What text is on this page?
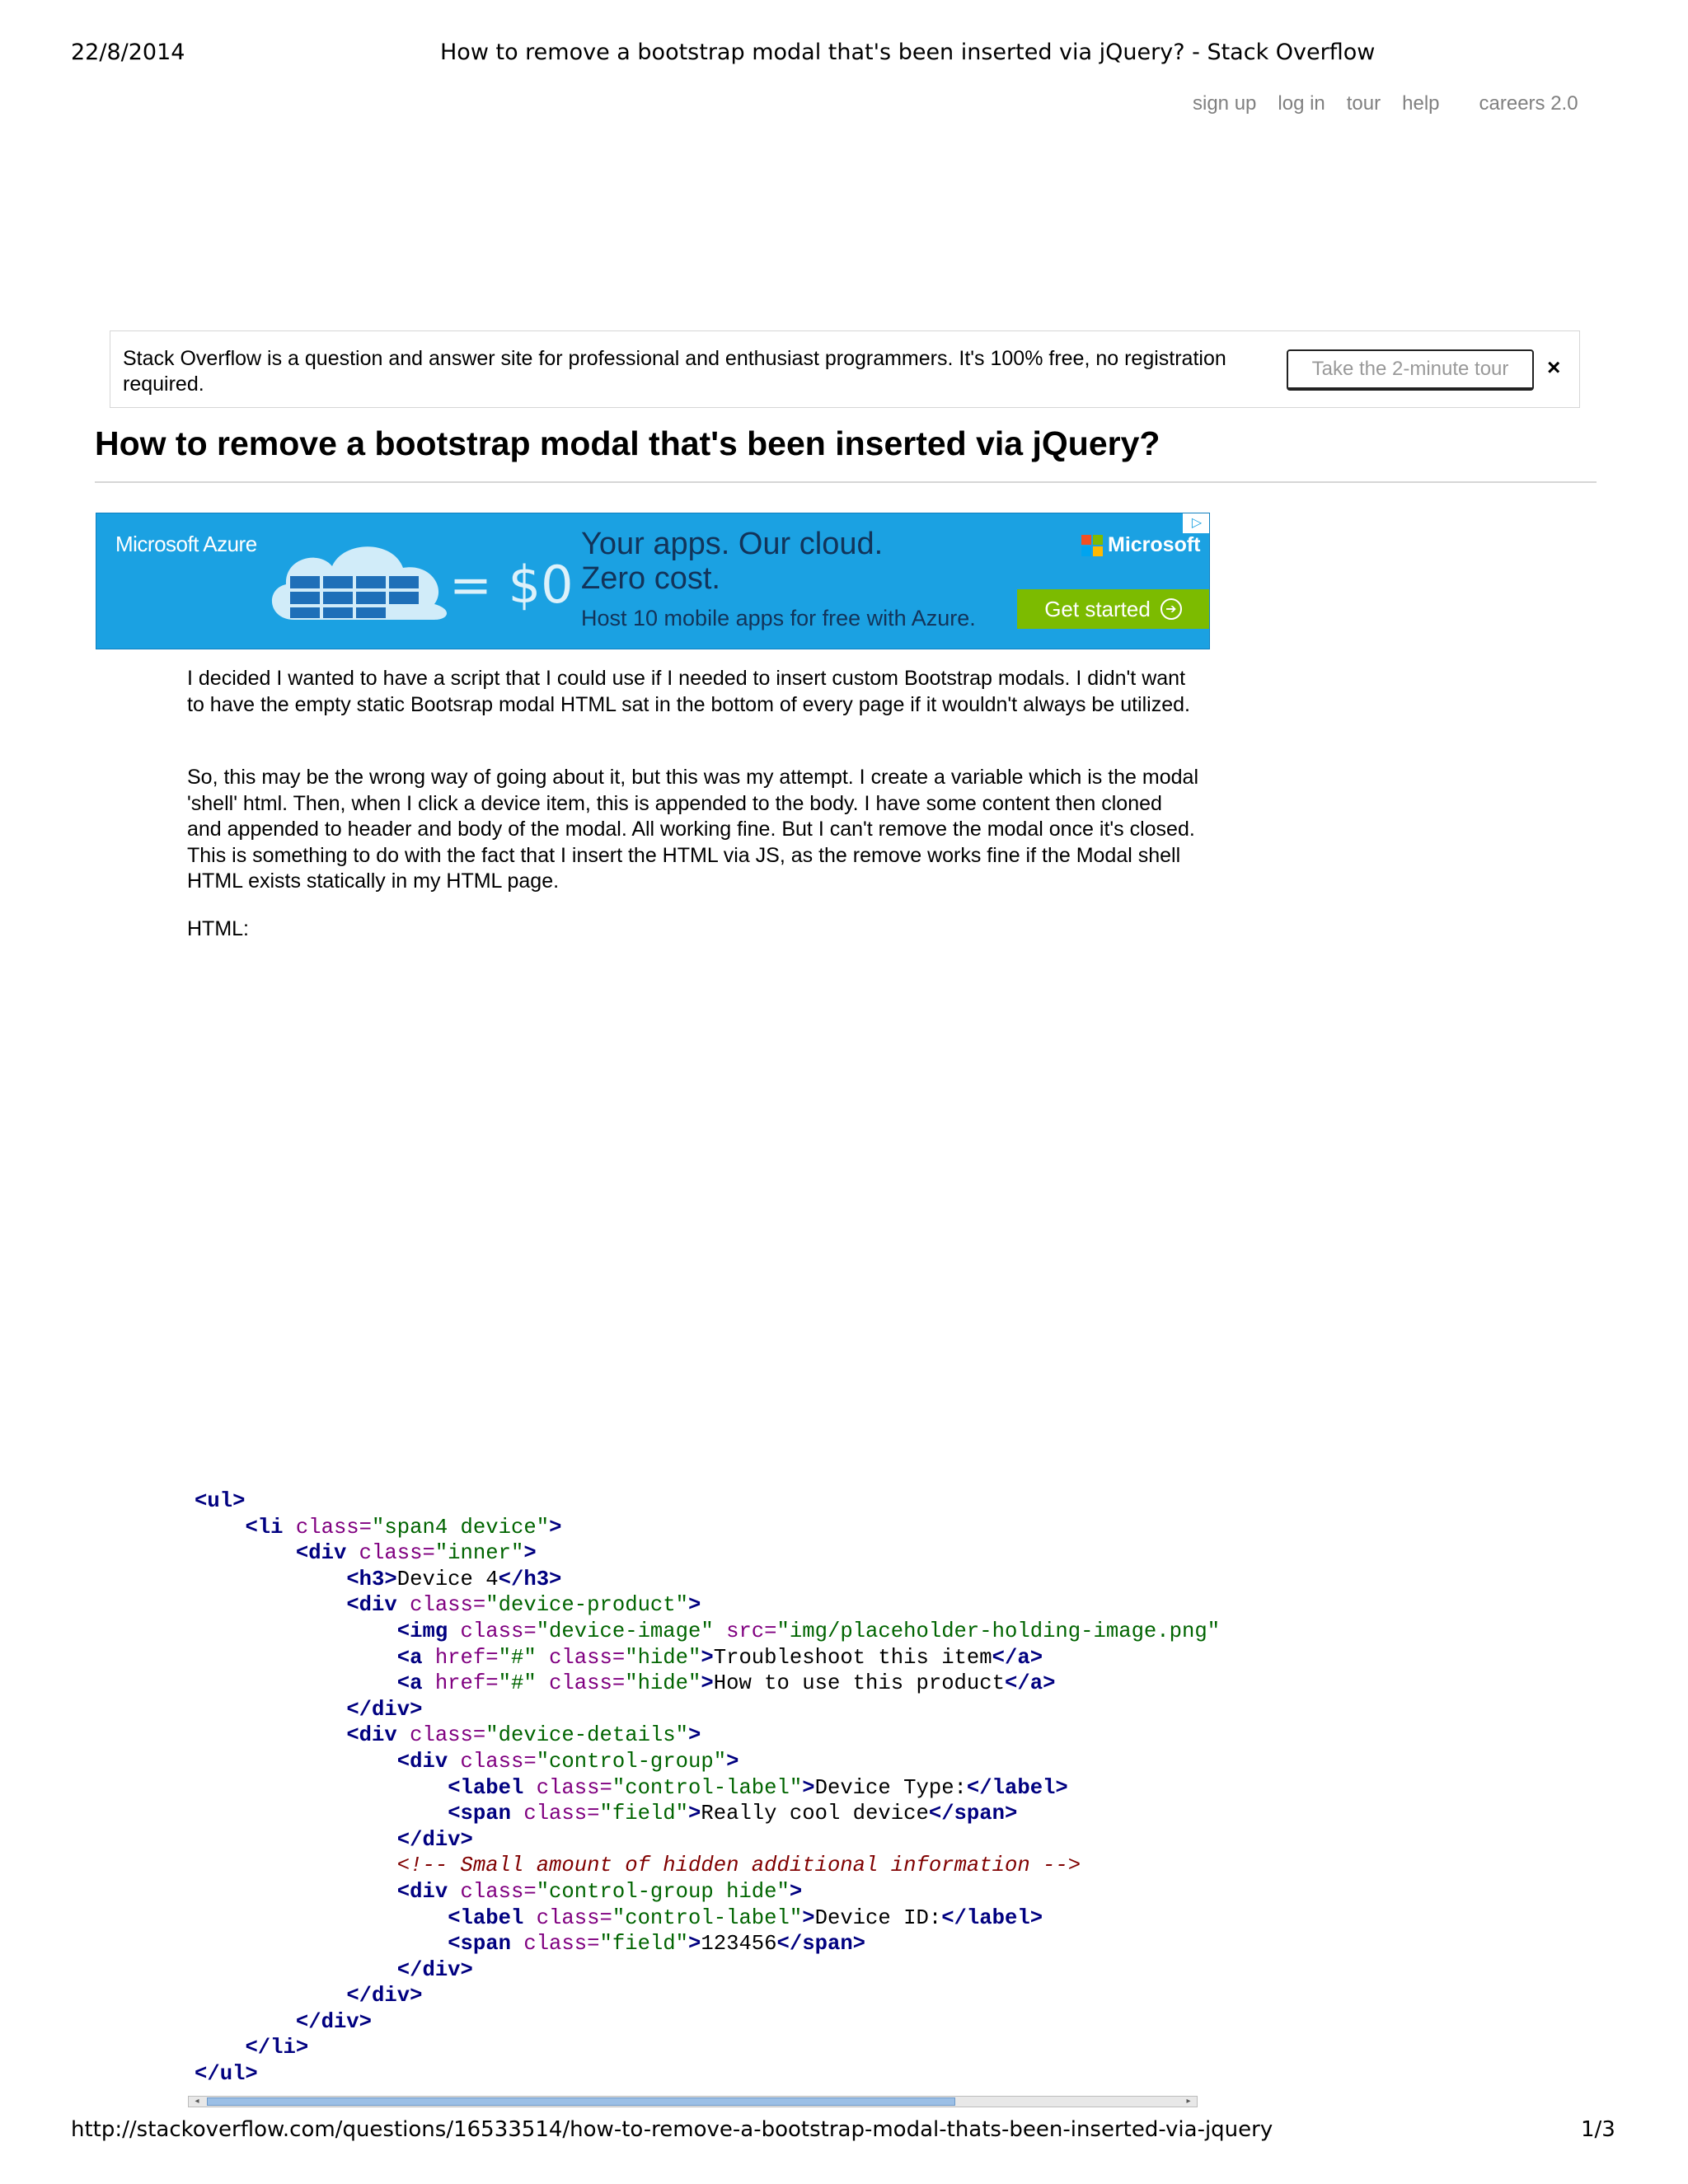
22/8/2014	How to remove a bootstrap modal that's been inserted via jQuery? - Stack Overflow
sign up log in tour help careers 2.0
Stack Overflow is a question and answer site for professional and enthusiast programmers. It's 100% free, no registration required.
Take the 2-minute tour	×
How to remove a bootstrap modal that's been inserted via jQuery?
Microsoft Azure
= $0
Your apps. Our cloud.
Zero cost.
Host 10 mobile apps for free with Azure.
Microsoft
Get started	➔
▷
I decided I wanted to have a script that I could use if I needed to insert custom Bootstrap modals. I didn't want to have the empty static Bootsrap modal HTML sat in the bottom of every page if it wouldn't always be utilized.
So, this may be the wrong way of going about it, but this was my attempt. I create a variable which is the modal 'shell' html. Then, when I click a device item, this is appended to the body. I have some content then cloned and appended to header and body of the modal. All working fine. But I can't remove the modal once it's closed. This is something to do with the fact that I insert the HTML via JS, as the remove works fine if the Modal shell HTML exists statically in my HTML page.
HTML:
<ul>
<li class="span4 device">
<div class="inner">
<h3>Device 4</h3>
<div class="device-product">
<img class="device-image" src="img/placeholder-holding-image.png"
<a href="#" class="hide">Troubleshoot this item</a>
<a href="#" class="hide">How to use this product</a>
</div>
<div class="device-details">
<div class="control-group">
<label class="control-label">Device Type:</label>
<span class="field">Really cool device</span>
</div>
<!-- Small amount of hidden additional information -->
<div class="control-group hide">
<label class="control-label">Device ID:</label>
<span class="field">123456</span>
</div>
</div>
</div>
</li>
</ul>
◂	▸
http://stackoverflow.com/questions/16533514/how-to-remove-a-bootstrap-modal-thats-been-inserted-via-jquery	1/3
